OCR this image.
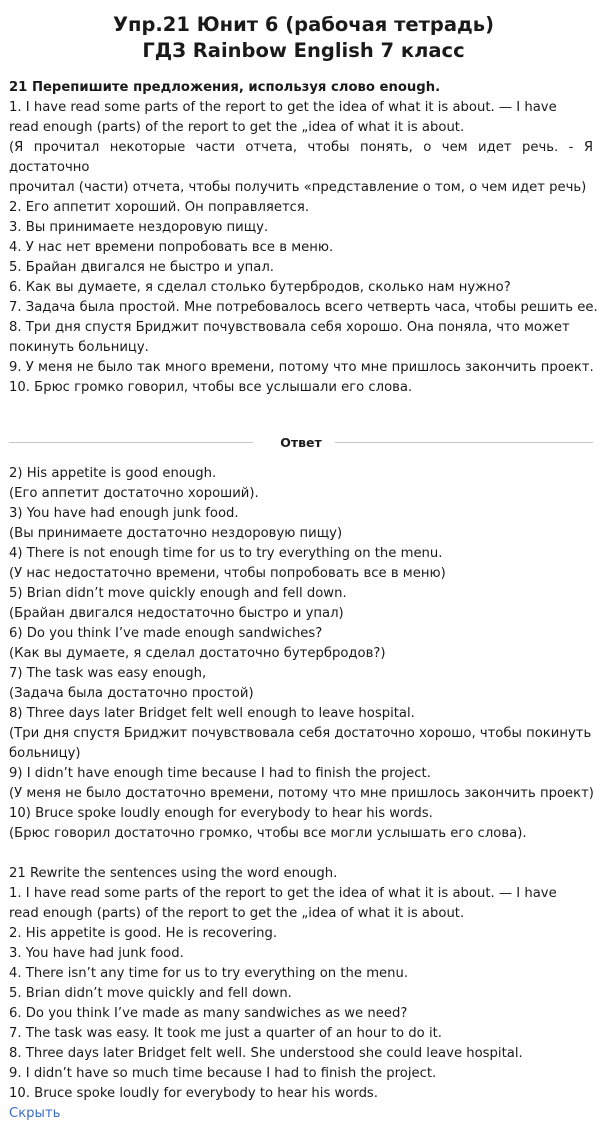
Упр.21 Юнит 6 (рабочая тетрадь)
ГДЗ Rainbow English 7 класс
21 Перепишите предложения, используя слово enough.
1. I have read some parts of the report to get the idea of what it is about. — I have
read enough (parts) of the report to get the „idea of what it is about.
(Я прочитал некоторые части отчета, чтобы понять, о чем идет речь. - Я достаточно
прочитал (части) отчета, чтобы получить «представление о том, о чем идет речь)
2. Его аппетит хороший. Он поправляется.
3. Вы принимаете нездоровую пищу.
4. У нас нет времени попробовать все в меню.
5. Брайан двигался не быстро и упал.
6. Как вы думаете, я сделал столько бутербродов, сколько нам нужно?
7. Задача была простой. Мне потребовалось всего четверть часа, чтобы решить ее.
8. Три дня спустя Бриджит почувствовала себя хорошо. Она поняла, что может
покинуть больницу.
9. У меня не было так много времени, потому что мне пришлось закончить проект.
10. Брюс громко говорил, чтобы все услышали его слова.
Ответ
2) His appetite is good enough.
(Его аппетит достаточно хороший).
3) You have had enough junk food.
(Вы принимаете достаточно нездоровую пищу)
4) There is not enough time for us to try everything on the menu.
(У нас недостаточно времени, чтобы попробовать все в меню)
5) Brian didn’t move quickly enough and fell down.
(Брайан двигался недостаточно быстро и упал)
6) Do you think I’ve made enough sandwiches?
(Как вы думаете, я сделал достаточно бутербродов?)
7) The task was easy enough,
(Задача была достаточно простой)
8) Three days later Bridget felt well enough to leave hospital.
(Три дня спустя Бриджит почувствовала себя достаточно хорошо, чтобы покинуть
больницу)
9) I didn’t have enough time because I had to finish the project.
(У меня не было достаточно времени, потому что мне пришлось закончить проект)
10) Bruce spoke loudly enough for everybody to hear his words.
(Брюс говорил достаточно громко, чтобы все могли услышать его слова).
21 Rewrite the sentences using the word enough.
1. I have read some parts of the report to get the idea of what it is about. — I have
read enough (parts) of the report to get the „idea of what it is about.
2. His appetite is good. He is recovering.
3. You have had junk food.
4. There isn’t any time for us to try everything on the menu.
5. Brian didn’t move quickly and fell down.
6. Do you think I’ve made as many sandwiches as we need?
7. The task was easy. It took me just a quarter of an hour to do it.
8. Three days later Bridget felt well. She understood she could leave hospital.
9. I didn’t have so much time because I had to finish the project.
10. Bruce spoke loudly for everybody to hear his words.
Скрыть
